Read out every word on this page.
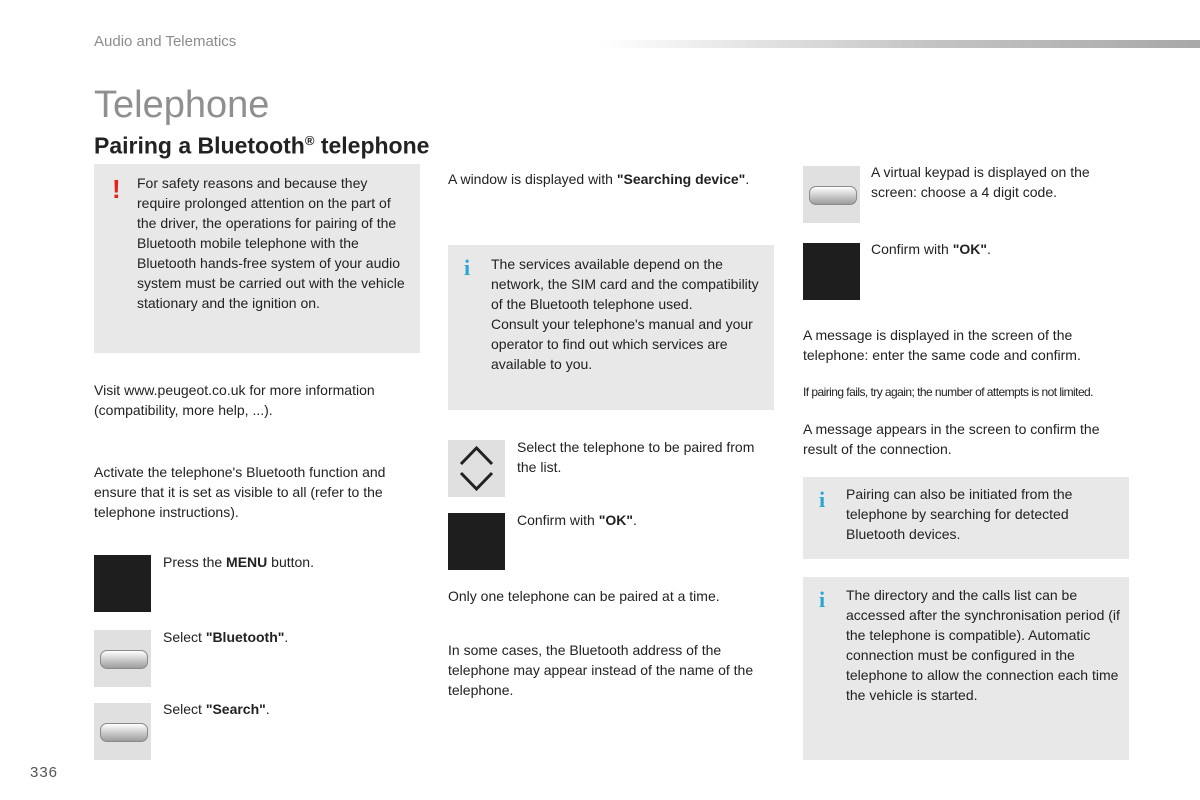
Audio and Telematics
Telephone
Pairing a Bluetooth® telephone
! For safety reasons and because they require prolonged attention on the part of the driver, the operations for pairing of the Bluetooth mobile telephone with the Bluetooth hands-free system of your audio system must be carried out with the vehicle stationary and the ignition on.
Visit www.peugeot.co.uk for more information (compatibility, more help, ...).
Activate the telephone's Bluetooth function and ensure that it is set as visible to all (refer to the telephone instructions).
Press the MENU button.
Select "Bluetooth".
Select "Search".
336
A window is displayed with "Searching device".
i The services available depend on the network, the SIM card and the compatibility of the Bluetooth telephone used.
Consult your telephone's manual and your operator to find out which services are available to you.
Select the telephone to be paired from the list.
Confirm with "OK".
Only one telephone can be paired at a time.
In some cases, the Bluetooth address of the telephone may appear instead of the name of the telephone.
A virtual keypad is displayed on the screen: choose a 4 digit code.
Confirm with "OK".
A message is displayed in the screen of the telephone: enter the same code and confirm.
If pairing fails, try again; the number of attempts is not limited.
A message appears in the screen to confirm the result of the connection.
i Pairing can also be initiated from the telephone by searching for detected Bluetooth devices.
i The directory and the calls list can be accessed after the synchronisation period (if the telephone is compatible). Automatic connection must be configured in the telephone to allow the connection each time the vehicle is started.
